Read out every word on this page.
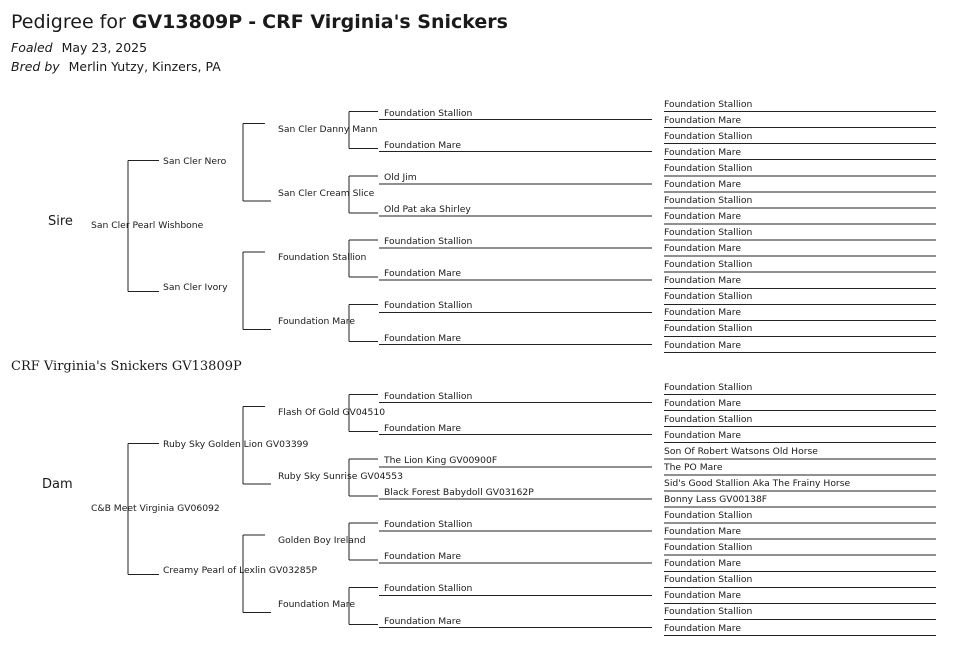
Pedigree for GV13809P - CRF Virginia's Snickers
Foaled May 23, 2025
Bred by Merlin Yutzy, Kinzers, PA
CRF Virginia's Snickers GV13809P
Sire San Cler Pearl Wishbone
San Cler Nero
San Cler Ivory
San Cler Danny Mann
San Cler Cream Slice
Foundation Stallion
Foundation Mare
Foundation Stallion
Foundation Mare
Old Jim
Old Pat aka Shirley
Foundation Stallion
Foundation Mare
Foundation Stallion
Foundation Mare
Foundation Stallion
Foundation Mare
Foundation Stallion
Foundation Mare
Foundation Stallion
Foundation Mare
Foundation Stallion
Foundation Mare
Foundation Stallion
Foundation Mare
Foundation Stallion
Foundation Mare
Foundation Stallion
Foundation Mare
Foundation Stallion
Foundation Mare
Dam
C&B Meet Virginia GV06092
Ruby Sky Golden Lion GV03399
Creamy Pearl of Lexlin GV03285P
Flash Of Gold GV04510
Ruby Sky Sunrise GV04553
Golden Boy Ireland
Foundation Mare
Foundation Stallion
Foundation Mare
The Lion King GV00900F
Black Forest Babydoll GV03162P
Foundation Stallion
Foundation Mare
Foundation Stallion
Foundation Mare
Foundation Stallion
Foundation Mare
Foundation Stallion
Foundation Mare
Son Of Robert Watsons Old Horse
The PO Mare
Sid's Good Stallion Aka The Frainy Horse
Bonny Lass GV00138F
Foundation Stallion
Foundation Mare
Foundation Stallion
Foundation Mare
Foundation Stallion
Foundation Mare
Foundation Stallion
Foundation Mare
